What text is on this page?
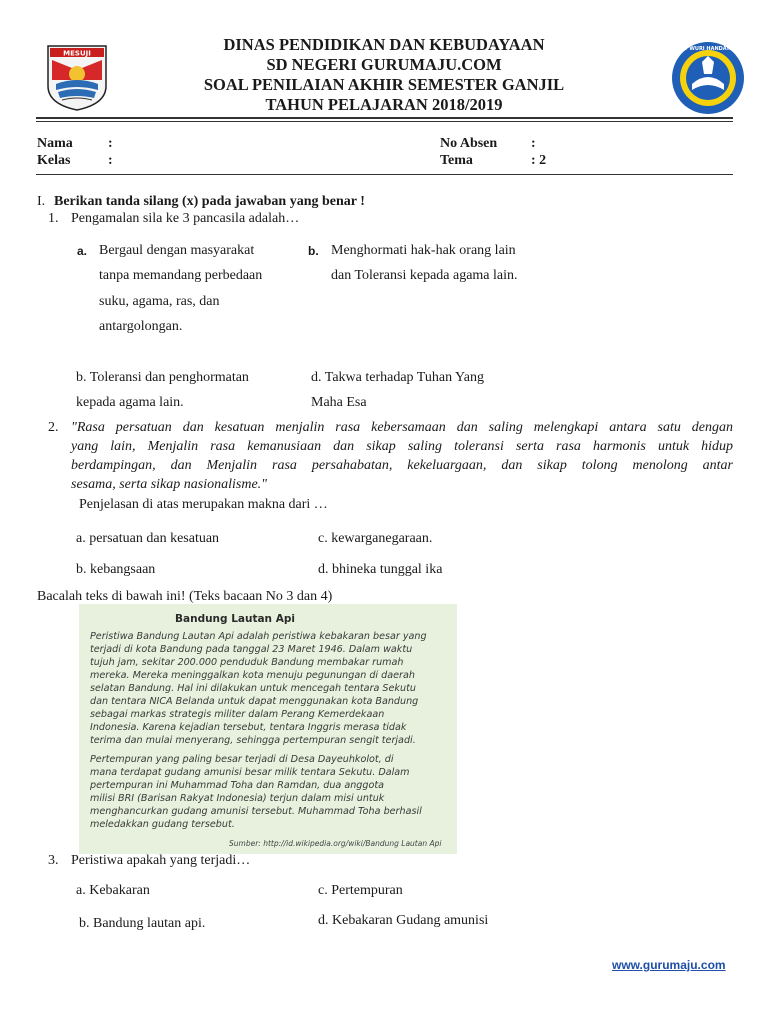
MESUJI
TUT WURI HANDAYANI
DINAS PENDIDIKAN DAN KEBUDAYAAN
SD NEGERI GURUMAJU.COM
SOAL PENILAIAN AKHIR SEMESTER GANJIL
TAHUN PELAJARAN 2018/2019
Nama	:
Kelas	:
No Absen :
Tema	: 2
I. Berikan tanda silang (x) pada jawaban yang benar !
1. Pengamalan sila ke 3 pancasila adalah…
a. Bergaul dengan masyarakat
tanpa memandang perbedaan
suku, agama, ras, dan
antargolongan.
b. Menghormati hak-hak orang lain
dan Toleransi kepada agama lain.
b. Toleransi dan penghormatan
kepada agama lain.
d. Takwa terhadap Tuhan Yang
Maha Esa
2. "Rasa persatuan dan kesatuan menjalin rasa kebersamaan dan saling melengkapi antara satu dengan
yang lain, Menjalin rasa kemanusiaan dan sikap saling toleransi serta rasa harmonis untuk hidup
berdampingan, dan Menjalin rasa persahabatan, kekeluargaan, dan sikap tolong menolong antar
sesama, serta sikap nasionalisme."
Penjelasan di atas merupakan makna dari …
a. persatuan dan kesatuan	c. kewarganegaraan.
b. kebangsaan	d. bhineka tunggal ika
Bacalah teks di bawah ini! (Teks bacaan No 3 dan 4)
Bandung Lautan Api
Peristiwa Bandung Lautan Api adalah peristiwa kebakaran besar yang
terjadi di kota Bandung pada tanggal 23 Maret 1946. Dalam waktu
tujuh jam, sekitar 200.000 penduduk Bandung membakar rumah
mereka. Mereka meninggalkan kota menuju pegunungan di daerah
selatan Bandung. Hal ini dilakukan untuk mencegah tentara Sekutu
dan tentara NICA Belanda untuk dapat menggunakan kota Bandung
sebagai markas strategis militer dalam Perang Kemerdekaan
Indonesia. Karena kejadian tersebut, tentara Inggris merasa tidak
terima dan mulai menyerang, sehingga pertempuran sengit terjadi.
Pertempuran yang paling besar terjadi di Desa Dayeuhkolot, di
mana terdapat gudang amunisi besar milik tentara Sekutu. Dalam
pertempuran ini Muhammad Toha dan Ramdan, dua anggota
milisi BRI (Barisan Rakyat Indonesia) terjun dalam misi untuk
menghancurkan gudang amunisi tersebut. Muhammad Toha berhasil
meledakkan gudang tersebut.
Sumber: http://id.wikipedia.org/wiki/Bandung Lautan Api
3. Peristiwa apakah yang terjadi…
a. Kebakaran	c. Pertempuran
b. Bandung lautan api.	d. Kebakaran Gudang amunisi
www.gurumaju.com
